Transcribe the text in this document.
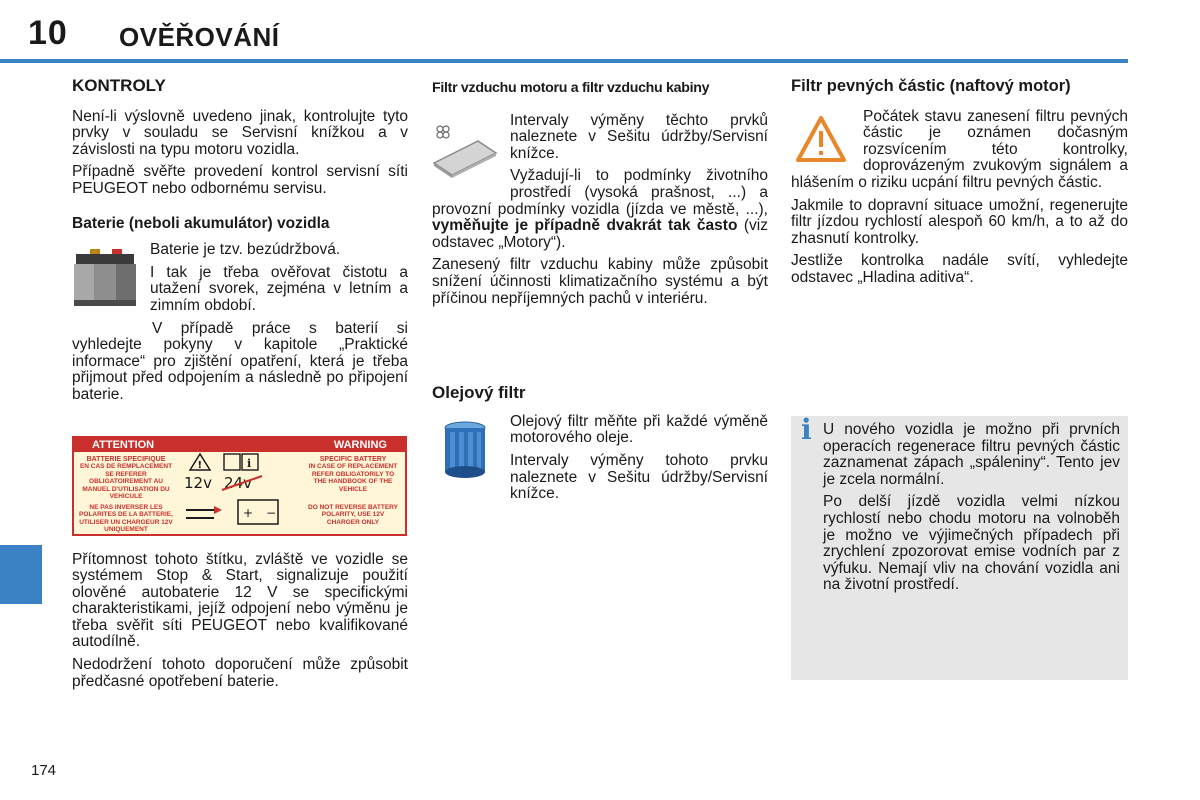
10 OVĚŘOVÁNÍ
174
KONTROLY

Není-li výslovně uvedeno jinak, kontrolujte tyto prvky v souladu se Servisní knížkou a v závislosti na typu motoru vozidla.

Případně svěřte provedení kontrol servisní síti PEUGEOT nebo odbornému servisu.

Baterie (neboli akumulátor) vozidla

Baterie je tzv. bezúdržbová.

I tak je třeba ověřovat čistotu a utažení svorek, zejména v letním a zimním období.

V případě práce s baterií si vyhledejte pokyny v kapitole „Praktické informace“ pro zjištění opatření, která je třeba přijmout před odpojením a následně po připojení baterie.

ATTENTION	WARNING
BATTERIE SPECIFIQUE
EN CAS DE REMPLACEMENT SE REFERER OBLIGATOIREMENT AU MANUEL D'UTILISATION DU VEHICULE
NE PAS INVERSER LES POLARITES DE LA BATTERIE, UTILISER UN CHARGEUR 12V UNIQUEMENT
SPECIFIC BATTERY
IN CASE OF REPLACEMENT REFER OBLIGATORILY TO THE HANDBOOK OF THE VEHICLE
DO NOT REVERSE BATTERY POLARITY, USE 12V CHARGER ONLY
!	i
12v 24v
+ −

Přítomnost tohoto štítku, zvláště ve vozidle se systémem Stop & Start, signalizuje použití olověné autobaterie 12 V se specifickými charakteristikami, jejíž odpojení nebo výměnu je třeba svěřit síti PEUGEOT nebo kvalifikované autodílně.

Nedodržení tohoto doporučení může způsobit předčasné opotřebení baterie.

Filtr vzduchu motoru a filtr vzduchu kabiny

Intervaly výměny těchto prvků naleznete v Sešitu údržby/Servisní knížce.

Vyžadují-li to podmínky životního prostředí (vysoká prašnost, ...) a provozní podmínky vozidla (jízda ve městě, ...), vyměňujte je případně dvakrát tak často (viz odstavec „Motory“).

Zanesený filtr vzduchu kabiny může způsobit snížení účinnosti klimatizačního systému a být příčinou nepříjemných pachů v interiéru.

Olejový filtr

Olejový filtr měňte při každé výměně motorového oleje.

Intervaly výměny tohoto prvku naleznete v Sešitu údržby/Servisní knížce.

Filtr pevných částic (naftový motor)

Počátek stavu zanesení filtru pevných částic je oznámen dočasným rozsvícením této kontrolky, doprovázeným zvukovým signálem a hlášením o riziku ucpání filtru pevných částic.

Jakmile to dopravní situace umožní, regenerujte filtr jízdou rychlostí alespoň 60 km/h, a to až do zhasnutí kontrolky.

Jestliže kontrolka nadále svítí, vyhledejte odstavec „Hladina aditiva“.

i U nového vozidla je možno při prvních operacích regenerace filtru pevných částic zaznamenat zápach „spáleniny“. Tento jev je zcela normální.

Po delší jízdě vozidla velmi nízkou rychlostí nebo chodu motoru na volnoběh je možno ve výjimečných případech při zrychlení zpozorovat emise vodních par z výfuku. Nemají vliv na chování vozidla ani na životní prostředí.
